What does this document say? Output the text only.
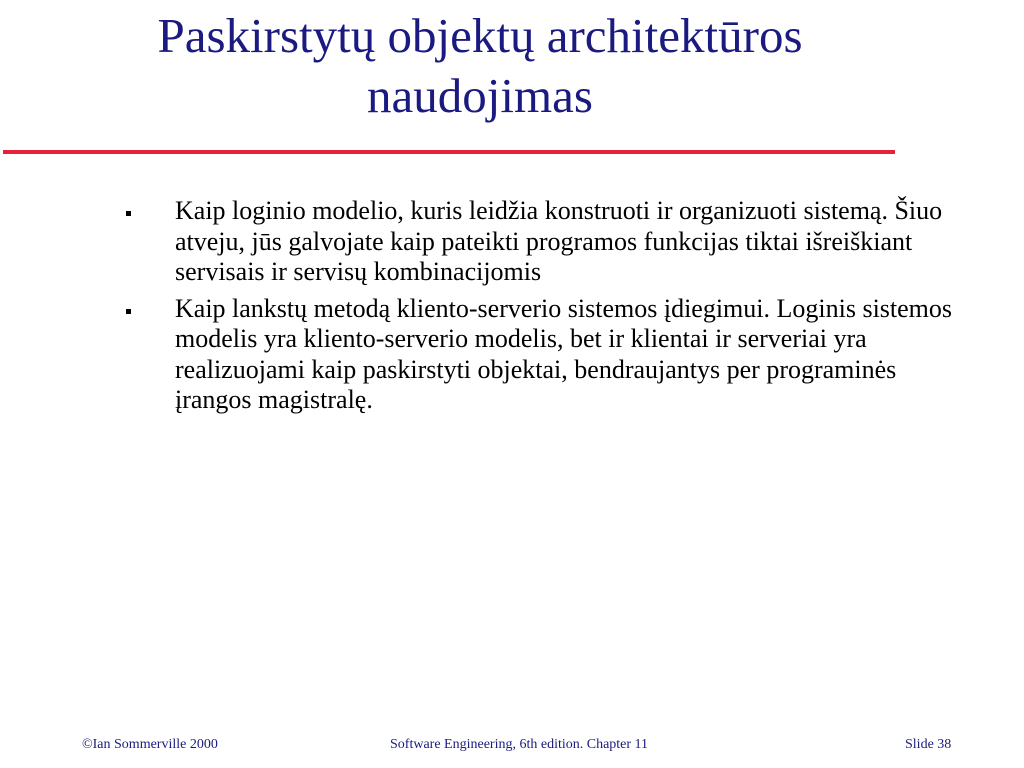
Paskirstytų objektų architektūros
naudojimas
Kaip loginio modelio, kuris leidžia konstruoti ir organizuoti sistemą. Šiuo atveju, jūs galvojate kaip pateikti programos funkcijas tiktai išreiškiant servisais ir servisų kombinacijomis
Kaip lankstų metodą kliento-serverio sistemos įdiegimui. Loginis sistemos modelis yra kliento-serverio modelis, bet ir klientai ir serveriai yra realizuojami kaip paskirstyti objektai, bendraujantys per programinės įrangos magistralę.
©Ian Sommerville 2000	Software Engineering, 6th edition. Chapter 11	Slide 38
